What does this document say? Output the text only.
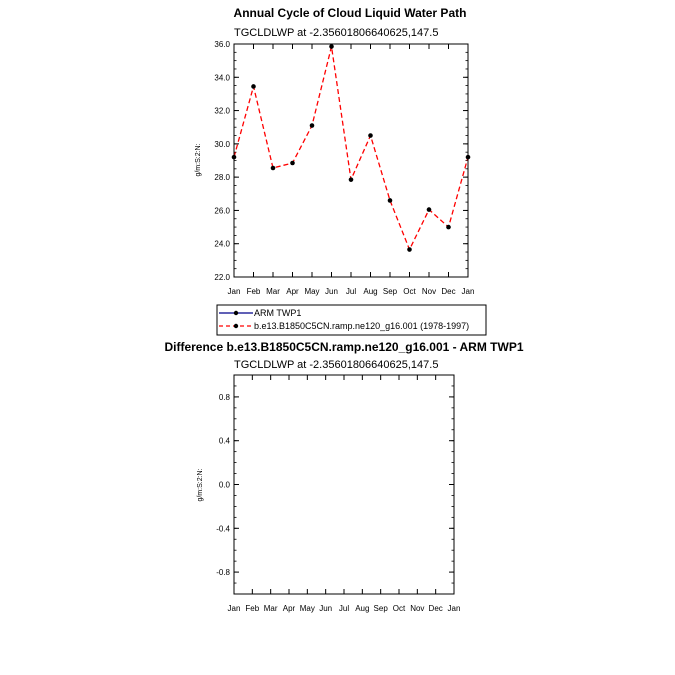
Annual Cycle of Cloud Liquid Water Path
TGCLDLWP at -2.35601806640625,147.5
22.0
24.0
26.0
28.0
30.0
32.0
34.0
36.0
Jan Feb Mar Apr May Jun Jul Aug Sep Oct Nov Dec Jan
g/m:S:2:N:
ARM TWP1
b.e13.B1850C5CN.ramp.ne120_g16.001 (1978-1997)
Difference b.e13.B1850C5CN.ramp.ne120_g16.001 - ARM TWP1
TGCLDLWP at -2.35601806640625,147.5
-0.8
-0.4
0.0
0.4
0.8
Jan Feb Mar Apr May Jun Jul Aug Sep Oct Nov Dec Jan
g/m:S:2:N:
